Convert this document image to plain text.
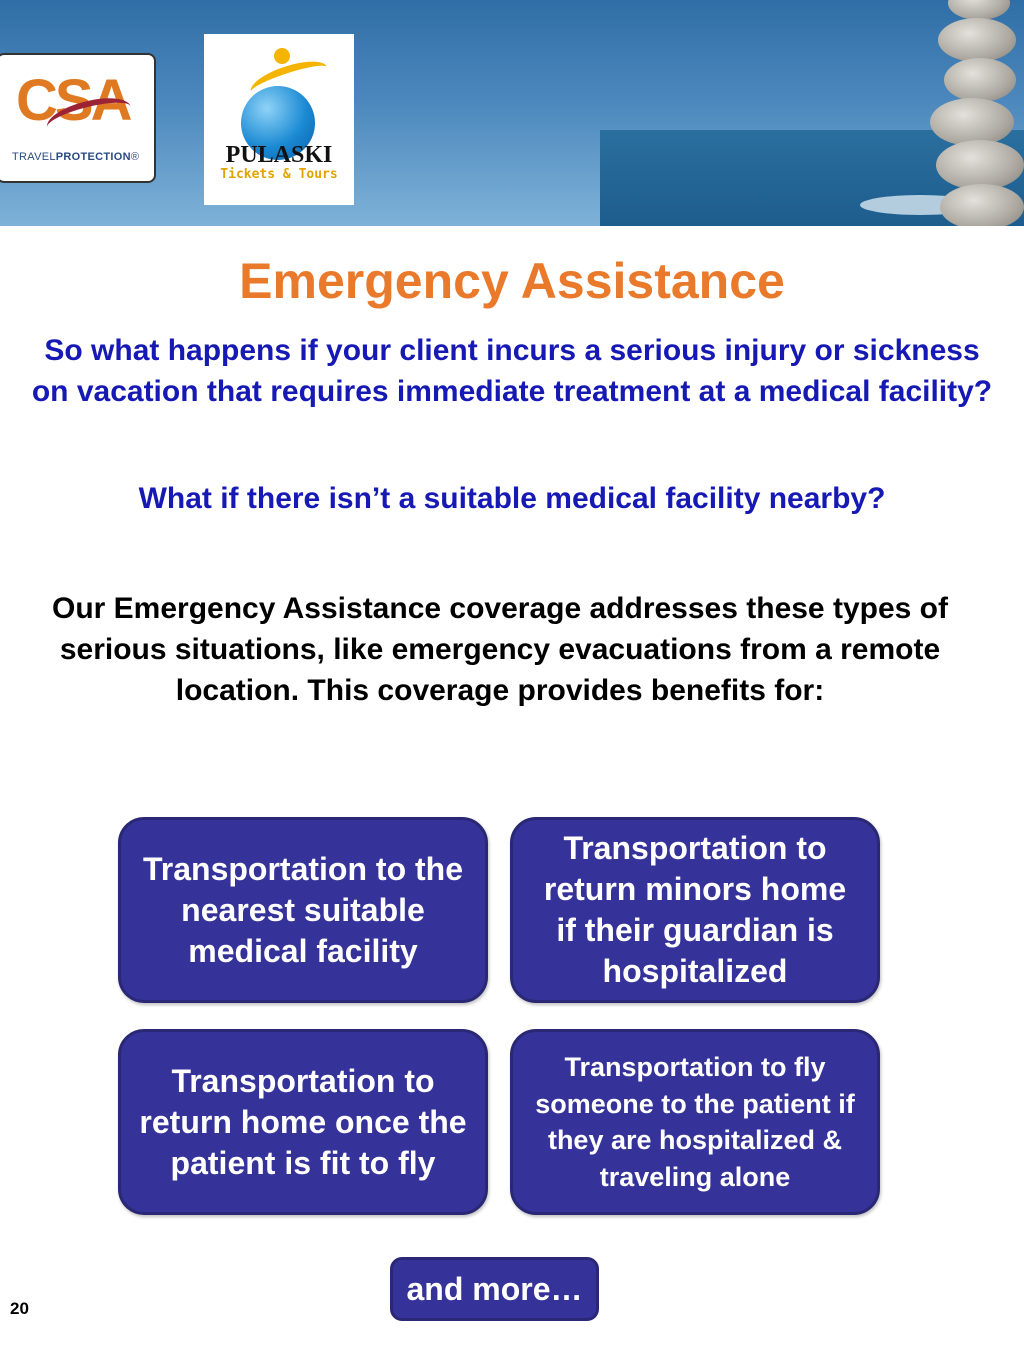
CSA
TRAVELPROTECTION®	PULASKI
Tickets & Tours
Emergency Assistance
So what happens if your client incurs a serious injury or sickness on vacation that requires immediate treatment at a medical facility?
What if there isn’t a suitable medical facility nearby?
Our Emergency Assistance coverage addresses these types of serious situations, like emergency evacuations from a remote location. This coverage provides benefits for:
Transportation to the nearest suitable medical facility
Transportation to return minors home if their guardian is hospitalized
Transportation to return home once the patient is fit to fly
Transportation to fly someone to the patient if they are hospitalized & traveling alone
and more…
20
